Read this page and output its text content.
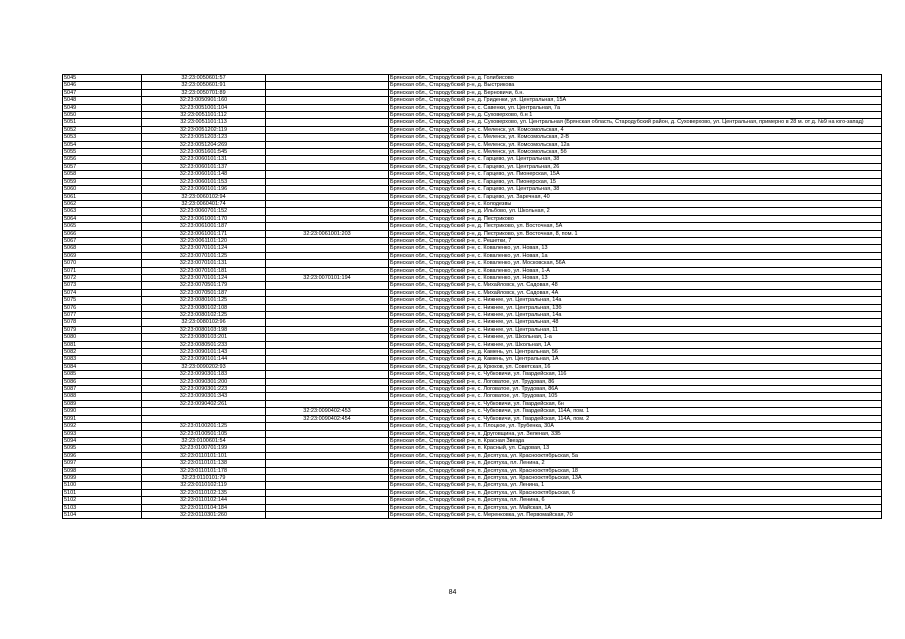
5045	32:23:0050601:57		Брянская обл., Стародубский р-н, д. Голибисово
5046	32:23:0050601:91		Брянская обл., Стародубский р-н, д. Выстрикова
5047	32:23:0050701:89		Брянская обл., Стародубский р-н, д. Берновичи, б.н.
5048	32:23:0050901:160		Брянская обл., Стародубский р-н, д. Гриденки, ул. Центральная, 15А
5049	32:23:0051001:104		Брянская обл., Стародубский р-н, с. Савенки, ул. Центральная, 7а
5050	32:23:0051101:112		Брянская обл., Стародубский р-н, д. Суховерхово, б.н 1
5051	32:23:0051101:113		Брянская обл., Стародубский р-н, д. Суховерхово, ул. Центральная (Брянская область, Стародубский район, д. Суховерхово, ул. Центральная, примерно в 28 м. от д. №9 на юго-запад)
5052	32:23:0051202:119		Брянская обл., Стародубский р-н, с. Меленск, ул. Комсомольская, 4
5053	32:23:0051203:123		Брянская обл., Стародубский р-н, с. Меленск, ул. Комсомольская, 2-В
5054	32:23:0051204:269		Брянская обл., Стародубский р-н, с. Меленск, ул. Комсомольская, 12а
5055	32:23:0051601:545		Брянская обл., Стародубский р-н, с. Меленск, ул. Комсомольская, 5б
5056	32:23:0060101:131		Брянская обл., Стародубский р-н, с. Гарцево, ул. Центральная, 38
5057	32:23:0060101:137		Брянская обл., Стародубский р-н, с. Гарцево, ул. Центральная, 26
5058	32:23:0060101:148		Брянская обл., Стародубский р-н, с. Гарцево, ул. Пионерская, 15А
5059	32:23:0060101:153		Брянская обл., Стародубский р-н, с. Гарцево, ул. Пионерская, 15
5060	32:23:0060101:196		Брянская обл., Стародубский р-н, с. Гарцево, ул. Центральная, 38
5061	32:23:0060102:94		Брянская обл., Стародубский р-н, с. Гарцево, ул. Заречная, 40
5062	32:23:0060401:74		Брянская обл., Стародубский р-н, с. Колодезвы
5063	32:23:0060701:152		Брянская обл., Стародубский р-н, д. Ильбово, ул. Школьная, 2
5064	32:23:0061001:170		Брянская обл., Стародубский р-н, д. Пестриково
5065	32:23:0061001:187		Брянская обл., Стародубский р-н, д. Пестриково, ул. Восточная, 5А
5066	32:23:0061001:171	32:23:0061001:203	Брянская обл., Стародубский р-н, д. Пестриково, ул. Восточная, 8, пом. 1
5067	32:23:0061101:120		Брянская обл., Стародубский р-н, с. Решетки, 7
5068	32:23:0070101:124		Брянская обл., Стародубский р-н, с. Коваленко, ул. Новая, 13
5069	32:23:0070101:125		Брянская обл., Стародубский р-н, с. Коваленко, ул. Новая, 1а
5070	32:23:0070101:131		Брянская обл., Стародубский р-н, с. Коваленко, ул. Московская, 56А
5071	32:23:0070101:181		Брянская обл., Стародубский р-н, с. Коваленко, ул. Новая, 1-А
5072	32:23:0070101:124	32:23:0070101:194	Брянская обл., Стародубский р-н, с. Коваленко, ул. Новая, 13
5073	32:23:0070501:179		Брянская обл., Стародубский р-н, с. Михайловск, ул. Садовая, 48
5074	32:23:0070501:187		Брянская обл., Стародубский р-н, с. Михайловск, ул. Садовая, 4А
5075	32:23:0080101:125		Брянская обл., Стародубский р-н, с. Нижнее, ул. Центральная, 14а
5076	32:23:0080102:108		Брянская обл., Стародубский р-н, с. Нижнее, ул. Центральная, 13б
5077	32:23:0080102:125		Брянская обл., Стародубский р-н, с. Нижнее, ул. Центральная, 14а
5078	32:23:0080102:96		Брянская обл., Стародубский р-н, с. Нижнее, ул. Центральная, 48
5079	32:23:0080103:198		Брянская обл., Стародубский р-н, с. Нижнее, ул. Центральная, 11
5080	32:23:0080103:201		Брянская обл., Стародубский р-н, с. Нижнее, ул. Школьная, 1-а
5081	32:23:0080501:233		Брянская обл., Стародубский р-н, с. Нижнее, ул. Школьная, 1А
5082	32:23:0090101:143		Брянская обл., Стародубский р-н, д. Камень, ул. Центральная, 56
5083	32:23:0090101:144		Брянская обл., Стародубский р-н, д. Камень, ул. Центральная, 1А
5084	32:23:0090202:93		Брянская обл., Стародубский р-н, д. Крюков, ул. Советская, 16
5085	32:23:0090301:183		Брянская обл., Стародубский р-н, с. Чубковичи, ул. Гвардейская, 116
5086	32:23:0090301:200		Брянская обл., Стародубский р-н, с. Логоватое, ул. Трудовая, 86
5087	32:23:0090301:223		Брянская обл., Стародубский р-н, с. Логоватое, ул. Трудовая, 86А
5088	32:23:0090301:343		Брянская обл., Стародубский р-н, с. Логоватое, ул. Трудовая, 105
5089	32:23:0090402:261		Брянская обл., Стародубский р-н, с. Чубковичи, ул. Гвардейская, 6н
5090		32:23:0090402:453	Брянская обл., Стародубский р-н, с. Чубковичи, ул. Гвардейская, 114А, пом. 1
5091		32:23:0090402:454	Брянская обл., Стародубский р-н, с. Чубковичи, ул. Гвардейская, 114А, пом. 2
5092	32:23:0100201:125		Брянская обл., Стародубский р-н, х. Плоцкое, ул. Трубенка, 30А
5093	32:23:0100501:105		Брянская обл., Стародубский р-н, х. Друговщина, ул. Зеленая, 33Б
5094	32:23:0100601:54		Брянская обл., Стародубский р-н, п. Красная Звезда
5095	32:23:0100701:199		Брянская обл., Стародубский р-н, п. Красный, ул. Садовая, 13
5096	32:23:0110101:101		Брянская обл., Стародубский р-н, п. Десятуха, ул. Краснооктябрьская, 5а
5097	32:23:0110101:138		Брянская обл., Стародубский р-н, п. Десятуха, пл. Ленина, 2
5098	32:23:0110101:178		Брянская обл., Стародубский р-н, п. Десятуха, ул. Краснооктябрьская, 18
5099	32:23:0110101:79		Брянская обл., Стародубский р-н, п. Десятуха, ул. Краснооктябрьская, 13А
5100	32:23:0110102:119		Брянская обл., Стародубский р-н, п. Десятуха, ул. Ленина, 1
5101	32:23:0110102:135		Брянская обл., Стародубский р-н, п. Десятуха, ул. Краснооктябрьская, 6
5102	32:23:0110102:144		Брянская обл., Стародубский р-н, п. Десятуха, пл. Ленина, 6
5103	32:23:0110104:184		Брянская обл., Стародубский р-н, п. Десятуха, ул. Майская, 1А
5104	32:23:0110301:260		Брянская обл., Стародубский р-н, с. Меренковка, ул. Первомайская, 70
84
